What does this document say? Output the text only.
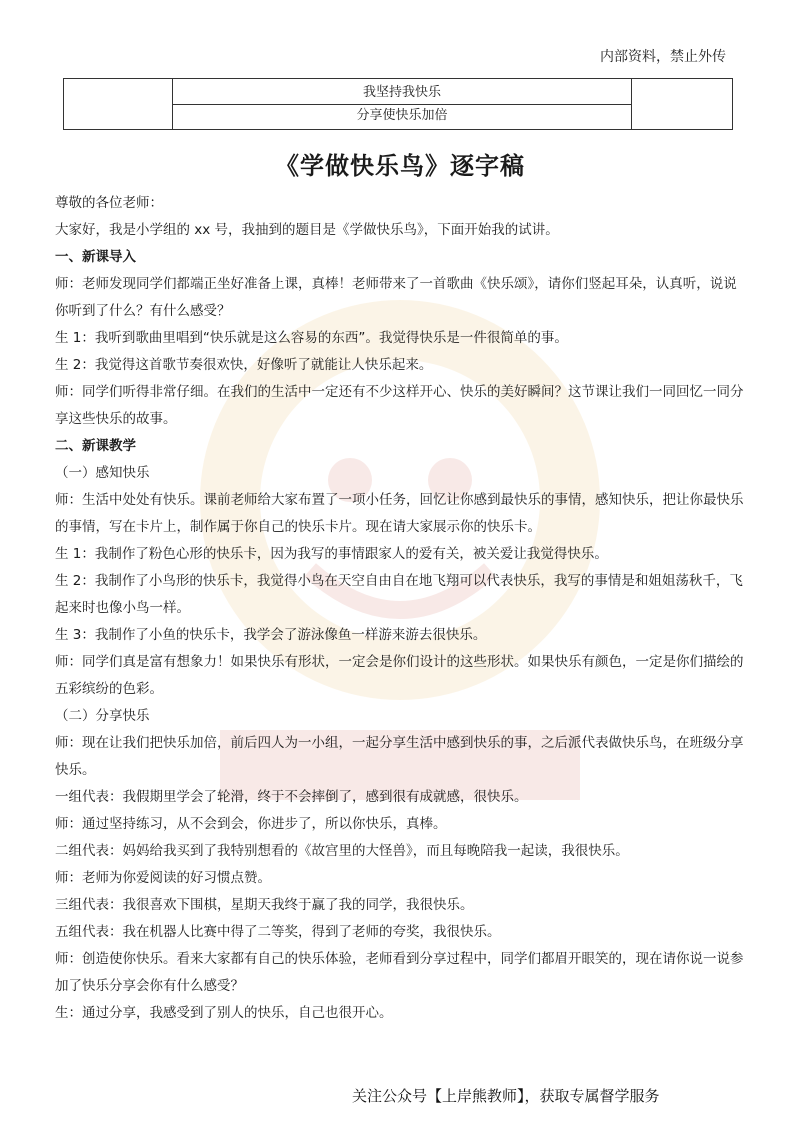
内部资料，禁止外传
我坚持我快乐
分享使快乐加倍
《学做快乐鸟》逐字稿

尊敬的各位老师：

大家好，我是小学组的 xx 号，我抽到的题目是《学做快乐鸟》，下面开始我的试讲。

一、新课导入

师：老师发现同学们都端正坐好准备上课，真棒！老师带来了一首歌曲《快乐颂》，请你们竖起耳朵，认真听，说说你听到了什么？有什么感受？

生 1：我听到歌曲里唱到“快乐就是这么容易的东西”。我觉得快乐是一件很简单的事。

生 2：我觉得这首歌节奏很欢快，好像听了就能让人快乐起来。

师：同学们听得非常仔细。在我们的生活中一定还有不少这样开心、快乐的美好瞬间？这节课让我们一同回忆一同分享这些快乐的故事。

二、新课教学

（一）感知快乐

师：生活中处处有快乐。课前老师给大家布置了一项小任务，回忆让你感到最快乐的事情，感知快乐，把让你最快乐的事情，写在卡片上，制作属于你自己的快乐卡片。现在请大家展示你的快乐卡。

生 1：我制作了粉色心形的快乐卡，因为我写的事情跟家人的爱有关，被关爱让我觉得快乐。

生 2：我制作了小鸟形的快乐卡，我觉得小鸟在天空自由自在地飞翔可以代表快乐，我写的事情是和姐姐荡秋千，飞起来时也像小鸟一样。

生 3：我制作了小鱼的快乐卡，我学会了游泳像鱼一样游来游去很快乐。

师：同学们真是富有想象力！如果快乐有形状，一定会是你们设计的这些形状。如果快乐有颜色，一定是你们描绘的五彩缤纷的色彩。

（二）分享快乐

师：现在让我们把快乐加倍，前后四人为一小组，一起分享生活中感到快乐的事，之后派代表做快乐鸟，在班级分享快乐。

一组代表：我假期里学会了轮滑，终于不会摔倒了，感到很有成就感，很快乐。

师：通过坚持练习，从不会到会，你进步了，所以你快乐，真棒。

二组代表：妈妈给我买到了我特别想看的《故宫里的大怪兽》，而且每晚陪我一起读，我很快乐。

师：老师为你爱阅读的好习惯点赞。

三组代表：我很喜欢下围棋，星期天我终于赢了我的同学，我很快乐。

五组代表：我在机器人比赛中得了二等奖，得到了老师的夸奖，我很快乐。

师：创造使你快乐。看来大家都有自己的快乐体验，老师看到分享过程中，同学们都眉开眼笑的，现在请你说一说参加了快乐分享会你有什么感受？

生：通过分享，我感受到了别人的快乐，自己也很开心。

关注公众号【上岸熊教师】，获取专属督学服务
